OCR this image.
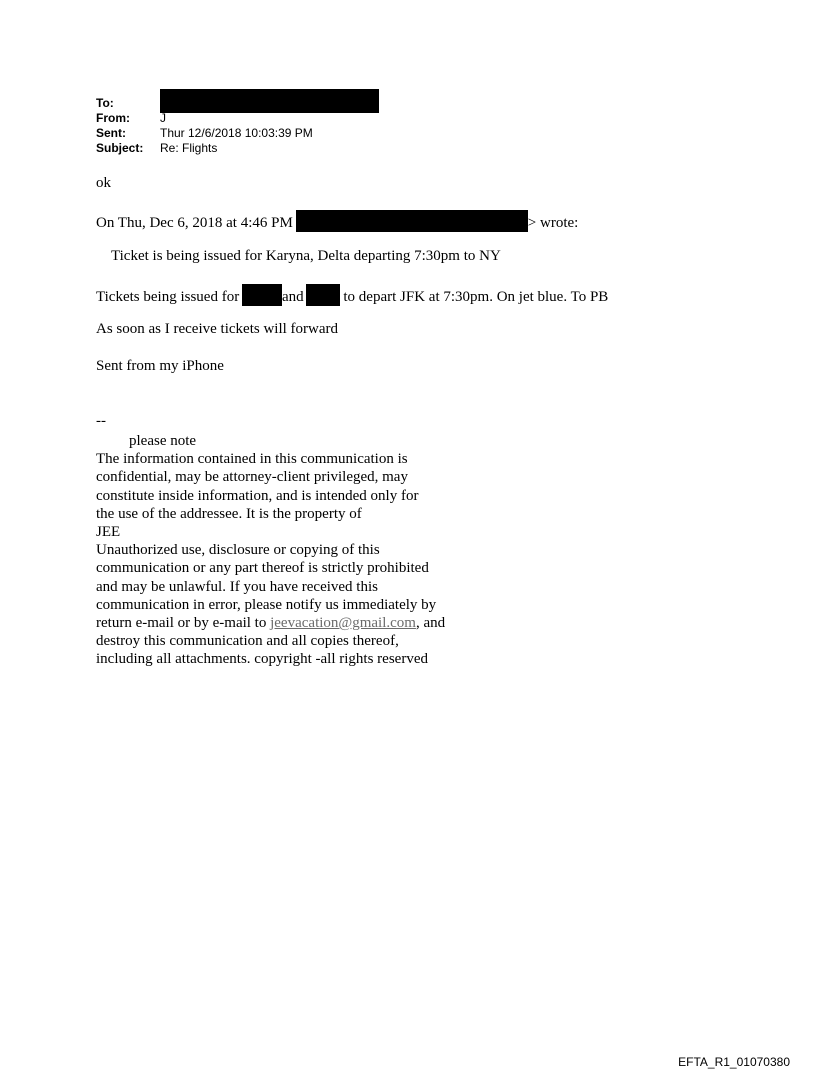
To:
From:	J
Sent:	Thur 12/6/2018 10:03:39 PM
Subject:	Re: Flights
ok
On Thu, Dec 6, 2018 at 4:46 PM	> wrote:
Ticket is being issued for Karyna, Delta departing 7:30pm to NY
Tickets being issued for	and	to depart JFK at 7:30pm. On jet blue. To PB
As soon as I receive tickets will forward
Sent from my iPhone
--
please note
The information contained in this communication is
confidential, may be attorney-client privileged, may
constitute inside information, and is intended only for
the use of the addressee. It is the property of
JEE
Unauthorized use, disclosure or copying of this
communication or any part thereof is strictly prohibited
and may be unlawful. If you have received this
communication in error, please notify us immediately by
return e-mail or by e-mail to jeevacation@gmail.com, and
destroy this communication and all copies thereof,
including all attachments. copyright -all rights reserved
EFTA_R1_01070380
